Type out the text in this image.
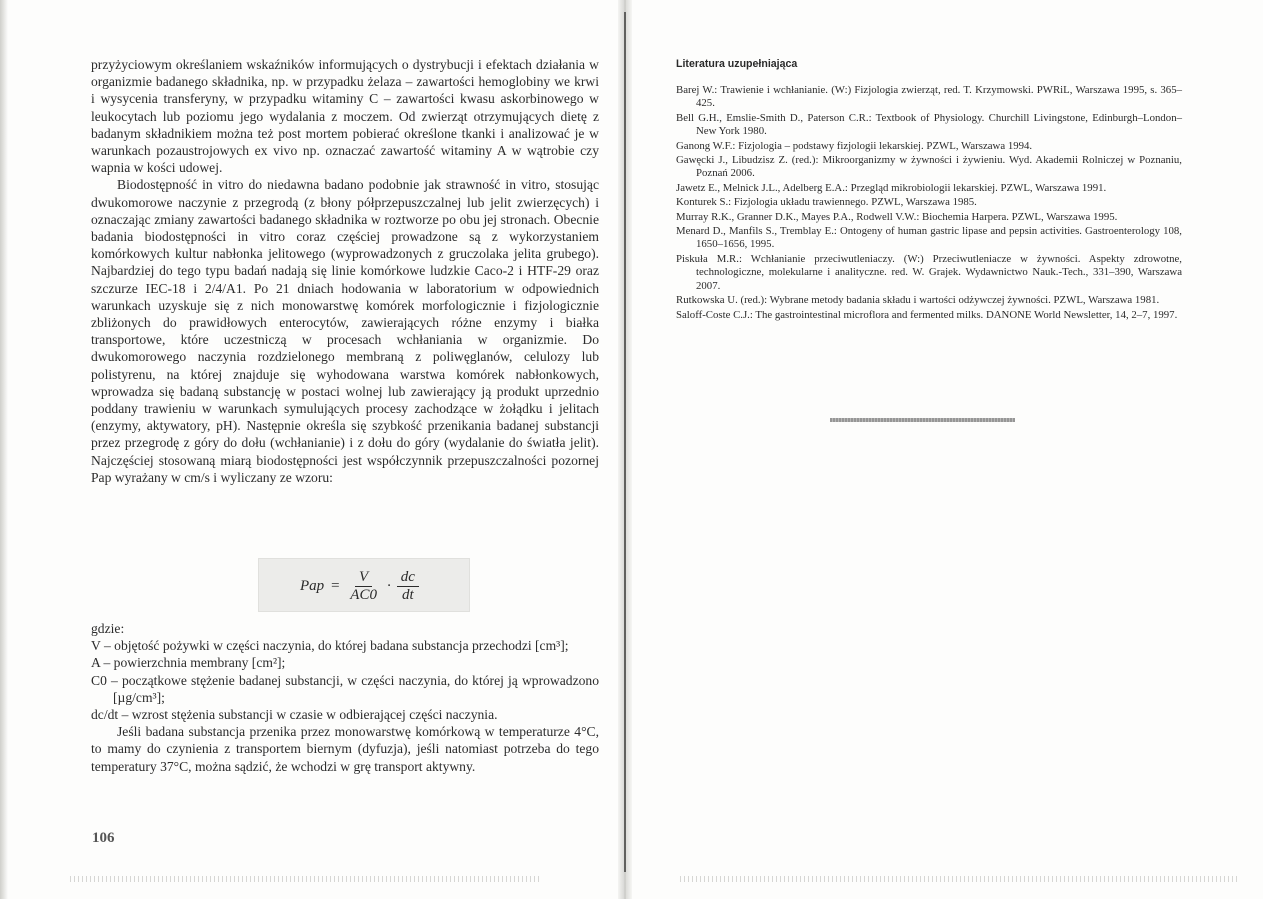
przyżyciowym określaniem wskaźników informujących o dystrybucji i efektach działania w organizmie badanego składnika, np. w przypadku żelaza – zawartości hemoglobiny we krwi i wysycenia transferyny, w przypadku witaminy C – zawartości kwasu askorbinowego w leukocytach lub poziomu jego wydalania z moczem. Od zwierząt otrzymujących dietę z badanym składnikiem można też post mortem pobierać określone tkanki i analizować je w warunkach pozaustrojowych ex vivo np. oznaczać zawartość witaminy A w wątrobie czy wapnia w kości udowej.

Biodostępność in vitro do niedawna badano podobnie jak strawność in vitro, stosując dwukomorowe naczynie z przegrodą (z błony półprzepuszczalnej lub jelit zwierzęcych) i oznaczając zmiany zawartości badanego składnika w roztworze po obu jej stronach. Obecnie badania biodostępności in vitro coraz częściej prowadzone są z wykorzystaniem komórkowych kultur nabłonka jelitowego (wyprowadzonych z gruczolaka jelita grubego). Najbardziej do tego typu badań nadają się linie komórkowe ludzkie Caco-2 i HTF-29 oraz szczurze IEC-18 i 2/4/A1. Po 21 dniach hodowania w laboratorium w odpowiednich warunkach uzyskuje się z nich monowarstwę komórek morfologicznie i fizjologicznie zbliżonych do prawidłowych enterocytów, zawierających różne enzymy i białka transportowe, które uczestniczą w procesach wchłaniania w organizmie. Do dwukomorowego naczynia rozdzielonego membraną z poliwęglanów, celulozy lub polistyrenu, na której znajduje się wyhodowana warstwa komórek nabłonkowych, wprowadza się badaną substancję w postaci wolnej lub zawierający ją produkt uprzednio poddany trawieniu w warunkach symulujących procesy zachodzące w żołądku i jelitach (enzymy, aktywatory, pH). Następnie określa się szybkość przenikania badanej substancji przez przegrodę z góry do dołu (wchłanianie) i z dołu do góry (wydalanie do światła jelit). Najczęściej stosowaną miarą biodostępności jest współczynnik przepuszczalności pozornej Pap wyrażany w cm/s i wyliczany ze wzoru:

Pap = $\frac{V}{AC0} \cdot \frac{dc}{dt}$

gdzie:

V – objętość pożywki w części naczynia, do której badana substancja przechodzi [cm³];

A – powierzchnia membrany [cm²];

C0 – początkowe stężenie badanej substancji, w części naczynia, do której ją wprowadzono [µg/cm³];

dc/dt – wzrost stężenia substancji w czasie w odbierającej części naczynia.

Jeśli badana substancja przenika przez monowarstwę komórkową w temperaturze 4°C, to mamy do czynienia z transportem biernym (dyfuzja), jeśli natomiast potrzeba do tego temperatury 37°C, można sądzić, że wchodzi w grę transport aktywny.

106
Literatura uzupełniająca

Barej W.: Trawienie i wchłanianie. (W:) Fizjologia zwierząt, red. T. Krzymowski. PWRiL, Warszawa 1995, s. 365–425.

Bell G.H., Emslie-Smith D., Paterson C.R.: Textbook of Physiology. Churchill Livingstone, Edinburgh–London–New York 1980.

Ganong W.F.: Fizjologia – podstawy fizjologii lekarskiej. PZWL, Warszawa 1994.

Gawęcki J., Libudzisz Z. (red.): Mikroorganizmy w żywności i żywieniu. Wyd. Akademii Rolniczej w Poznaniu, Poznań 2006.

Jawetz E., Melnick J.L., Adelberg E.A.: Przegląd mikrobiologii lekarskiej. PZWL, Warszawa 1991.

Konturek S.: Fizjologia układu trawiennego. PZWL, Warszawa 1985.

Murray R.K., Granner D.K., Mayes P.A., Rodwell V.W.: Biochemia Harpera. PZWL, Warszawa 1995.

Menard D., Manfils S., Tremblay E.: Ontogeny of human gastric lipase and pepsin activities. Gastroenterology 108, 1650–1656, 1995.

Piskuła M.R.: Wchłanianie przeciwutleniaczy. (W:) Przeciwutleniacze w żywności. Aspekty zdrowotne, technologiczne, molekularne i analityczne. red. W. Grajek. Wydawnictwo Nauk.-Tech., 331–390, Warszawa 2007.

Rutkowska U. (red.): Wybrane metody badania składu i wartości odżywczej żywności. PZWL, Warszawa 1981.

Saloff-Coste C.J.: The gastrointestinal microflora and fermented milks. DANONE World Newsletter, 14, 2–7, 1997.
